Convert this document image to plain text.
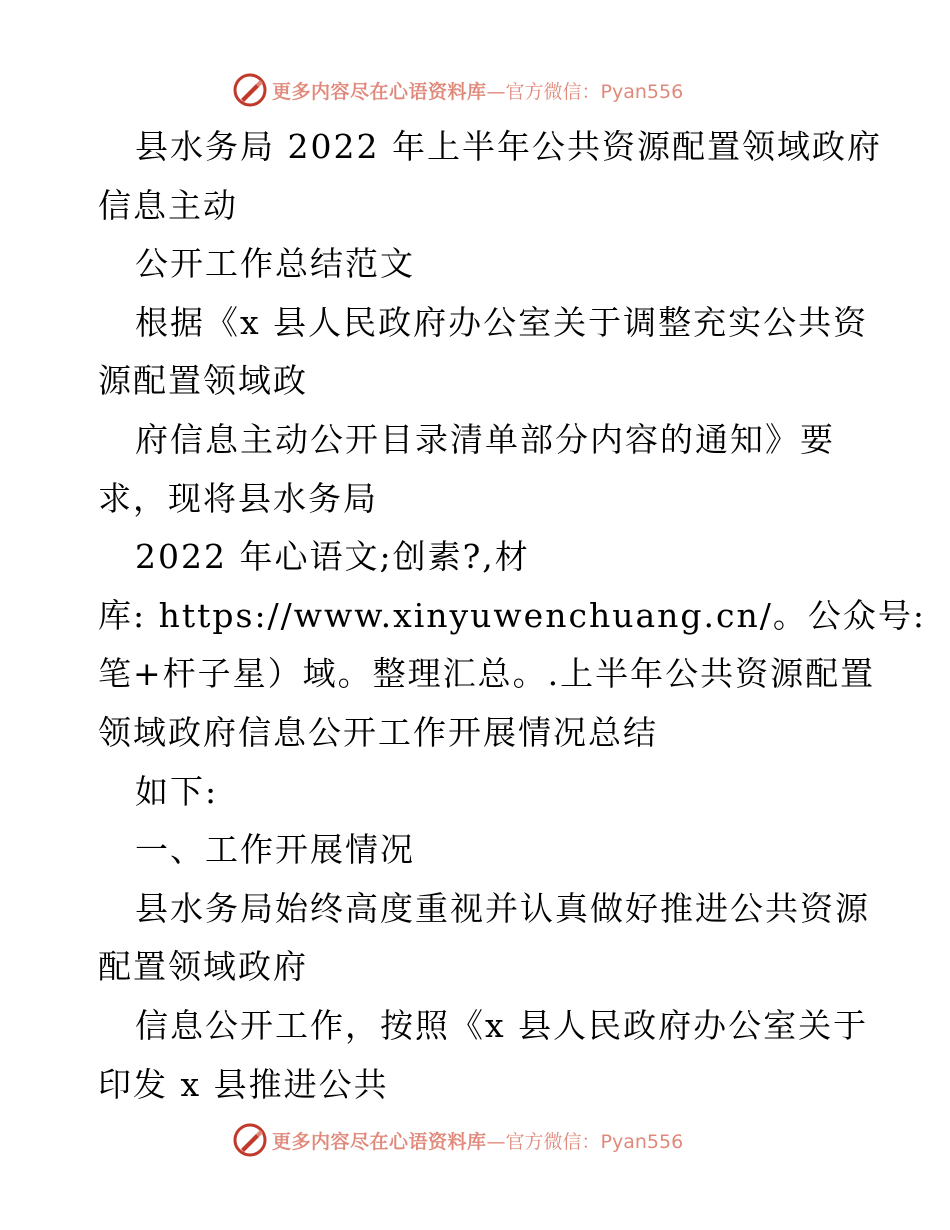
更多内容尽在心语资料库 —官方微信：Pyan556
县水务局 2022 年上半年公共资源配置领域政府
信息主动
公开工作总结范文
根据《x 县人民政府办公室关于调整充实公共资
源配置领域政
府信息主动公开目录清单部分内容的通知》要
求，现将县水务局
2022 年心语文;创素?,材
库: https://www.xinyuwenchuang.cn/。公众号:
笔+杆子星）域。整理汇总。.上半年公共资源配置
领域政府信息公开工作开展情况总结
如下:
一、工作开展情况
县水务局始终高度重视并认真做好推进公共资源
配置领域政府
信息公开工作，按照《x 县人民政府办公室关于
印发 x 县推进公共
更多内容尽在心语资料库 —官方微信：Pyan556
